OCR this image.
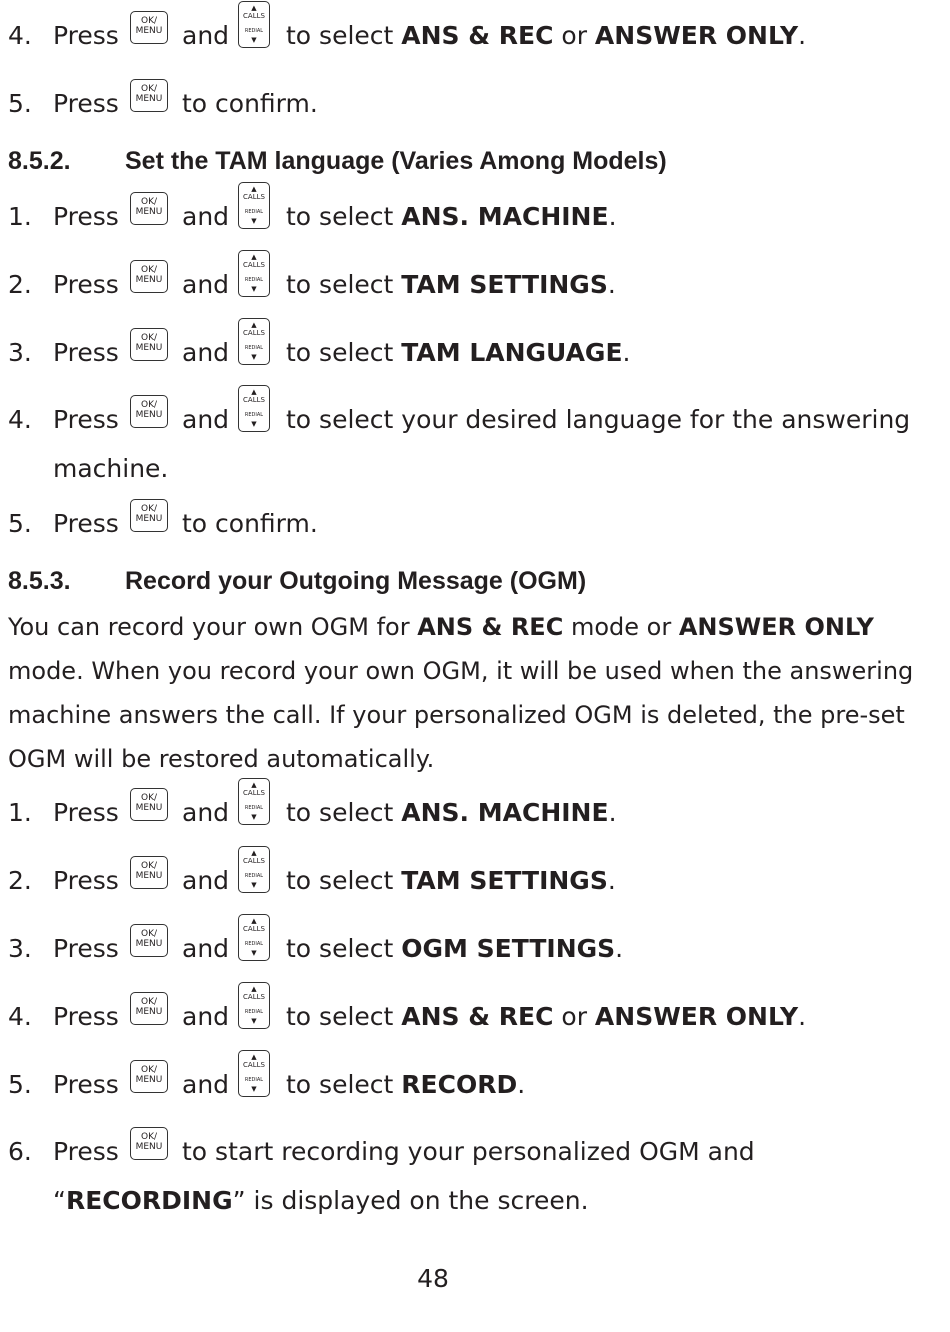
4. Press	OK/
MENU and
▲
CALLS
REDIAL
▼	to select ANS & REC or ANSWER ONLY.
5. Press	OK/
MENU to confirm.
8.5.2. Set the TAM language (Varies Among Models)
1. Press	OK/
MENU and
▲
CALLS
REDIAL
▼	to select ANS. MACHINE.
2. Press	OK/
MENU and
▲
CALLS
REDIAL
▼	to select TAM SETTINGS.
3. Press	OK/
MENU and
▲
CALLS
REDIAL
▼	to select TAM LANGUAGE.
4. Press	OK/
MENU and
▲
CALLS
REDIAL
▼	to select your desired language for the answering
machine.
5. Press	OK/
MENU to confirm.
8.5.3. Record your Outgoing Message (OGM)
You can record your own OGM for ANS & REC mode or ANSWER ONLY
mode. When you record your own OGM, it will be used when the answering
machine answers the call. If your personalized OGM is deleted, the pre-set
OGM will be restored automatically.
1. Press	OK/
MENU and
▲
CALLS
REDIAL
▼	to select ANS. MACHINE.
2. Press	OK/
MENU and
▲
CALLS
REDIAL
▼	to select TAM SETTINGS.
3. Press	OK/
MENU and
▲
CALLS
REDIAL
▼	to select OGM SETTINGS.
4. Press	OK/
MENU and
▲
CALLS
REDIAL
▼	to select ANS & REC or ANSWER ONLY.
5. Press	OK/
MENU and
▲
CALLS
REDIAL
▼	to select RECORD.
6. Press	OK/
MENU to start recording your personalized OGM and
“RECORDING” is displayed on the screen.
48
